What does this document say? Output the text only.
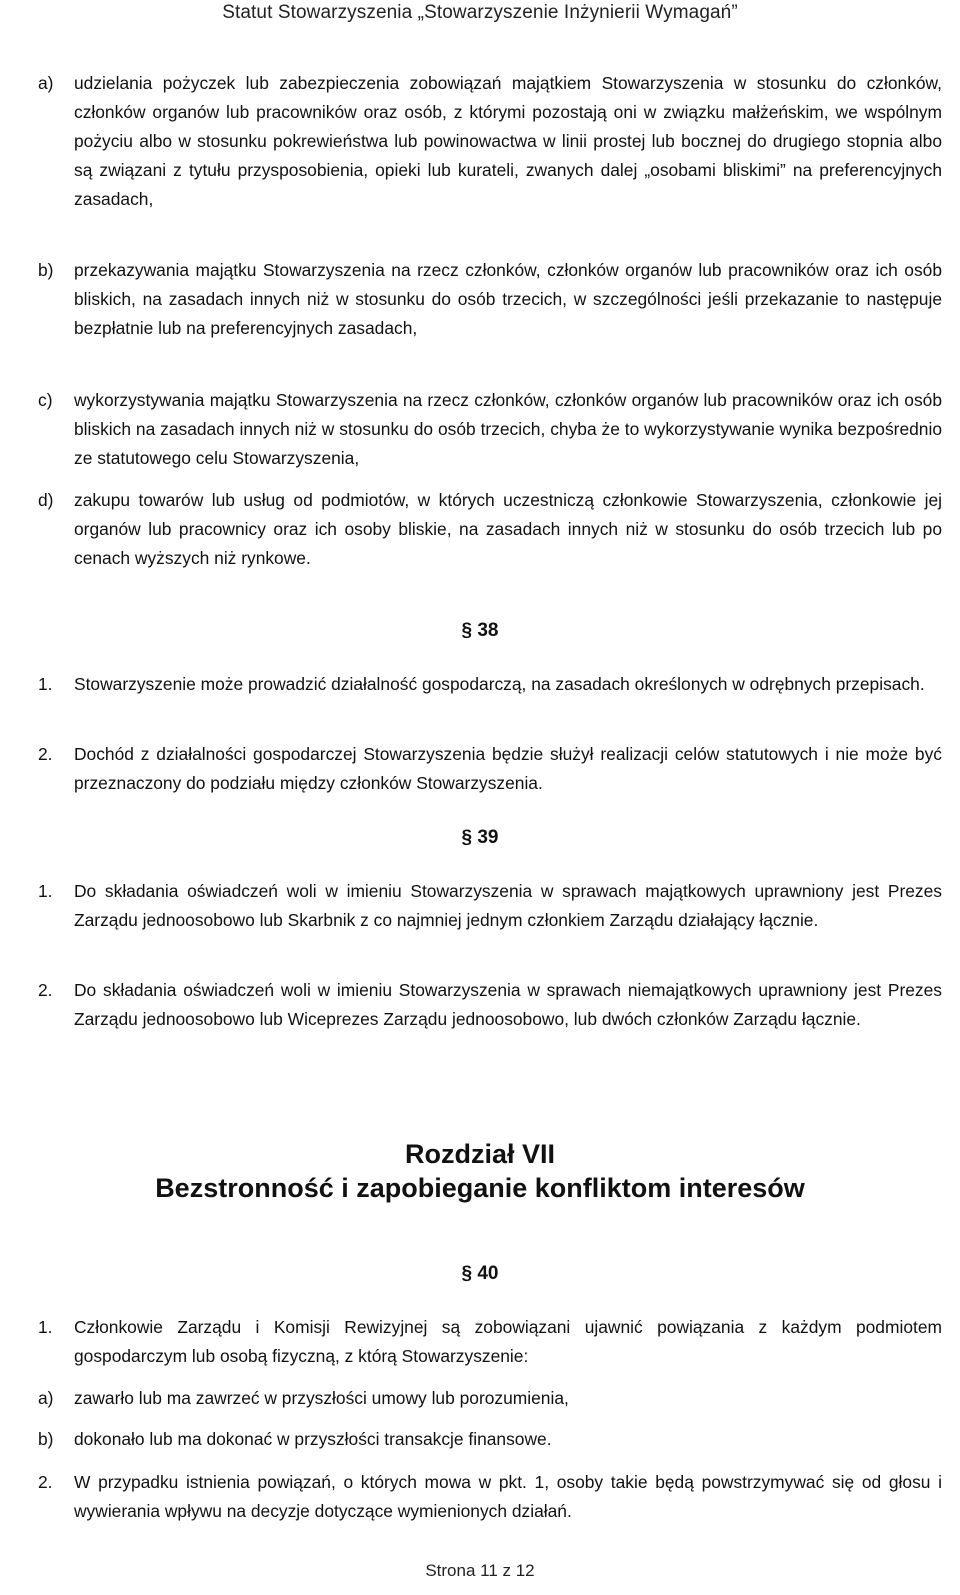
Statut Stowarzyszenia „Stowarzyszenie Inżynierii Wymagań”
a) udzielania pożyczek lub zabezpieczenia zobowiązań majątkiem Stowarzyszenia w stosunku do członków, członków organów lub pracowników oraz osób, z którymi pozostają oni w związku małżeńskim, we wspólnym pożyciu albo w stosunku pokrewieństwa lub powinowactwa w linii prostej lub bocznej do drugiego stopnia albo są związani z tytułu przysposobienia, opieki lub kurateli, zwanych dalej „osobami bliskimi” na preferencyjnych zasadach,
b) przekazywania majątku Stowarzyszenia na rzecz członków, członków organów lub pracowników oraz ich osób bliskich, na zasadach innych niż w stosunku do osób trzecich, w szczególności jeśli przekazanie to następuje bezpłatnie lub na preferencyjnych zasadach,
c) wykorzystywania majątku Stowarzyszenia na rzecz członków, członków organów lub pracowników oraz ich osób bliskich na zasadach innych niż w stosunku do osób trzecich, chyba że to wykorzystywanie wynika bezpośrednio ze statutowego celu Stowarzyszenia,
d) zakupu towarów lub usług od podmiotów, w których uczestniczą członkowie Stowarzyszenia, członkowie jej organów lub pracownicy oraz ich osoby bliskie, na zasadach innych niż w stosunku do osób trzecich lub po cenach wyższych niż rynkowe.
§ 38
1. Stowarzyszenie może prowadzić działalność gospodarczą, na zasadach określonych w odrębnych przepisach.
2. Dochód z działalności gospodarczej Stowarzyszenia będzie służył realizacji celów statutowych i nie może być przeznaczony do podziału między członków Stowarzyszenia.
§ 39
1. Do składania oświadczeń woli w imieniu Stowarzyszenia w sprawach majątkowych uprawniony jest Prezes Zarządu jednoosobowo lub Skarbnik z co najmniej jednym członkiem Zarządu działający łącznie.
2. Do składania oświadczeń woli w imieniu Stowarzyszenia w sprawach niemajątkowych uprawniony jest Prezes Zarządu jednoosobowo lub Wiceprezes Zarządu jednoosobowo, lub dwóch członków Zarządu łącznie.
Rozdział VII
Bezstronność i zapobieganie konfliktom interesów
§ 40
1. Członkowie Zarządu i Komisji Rewizyjnej są zobowiązani ujawnić powiązania z każdym podmiotem gospodarczym lub osobą fizyczną, z którą Stowarzyszenie:
a) zawarło lub ma zawrzeć w przyszłości umowy lub porozumienia,
b) dokonało lub ma dokonać w przyszłości transakcje finansowe.
2. W przypadku istnienia powiązań, o których mowa w pkt. 1, osoby takie będą powstrzymywać się od głosu i wywierania wpływu na decyzje dotyczące wymienionych działań.
Strona 11 z 12
